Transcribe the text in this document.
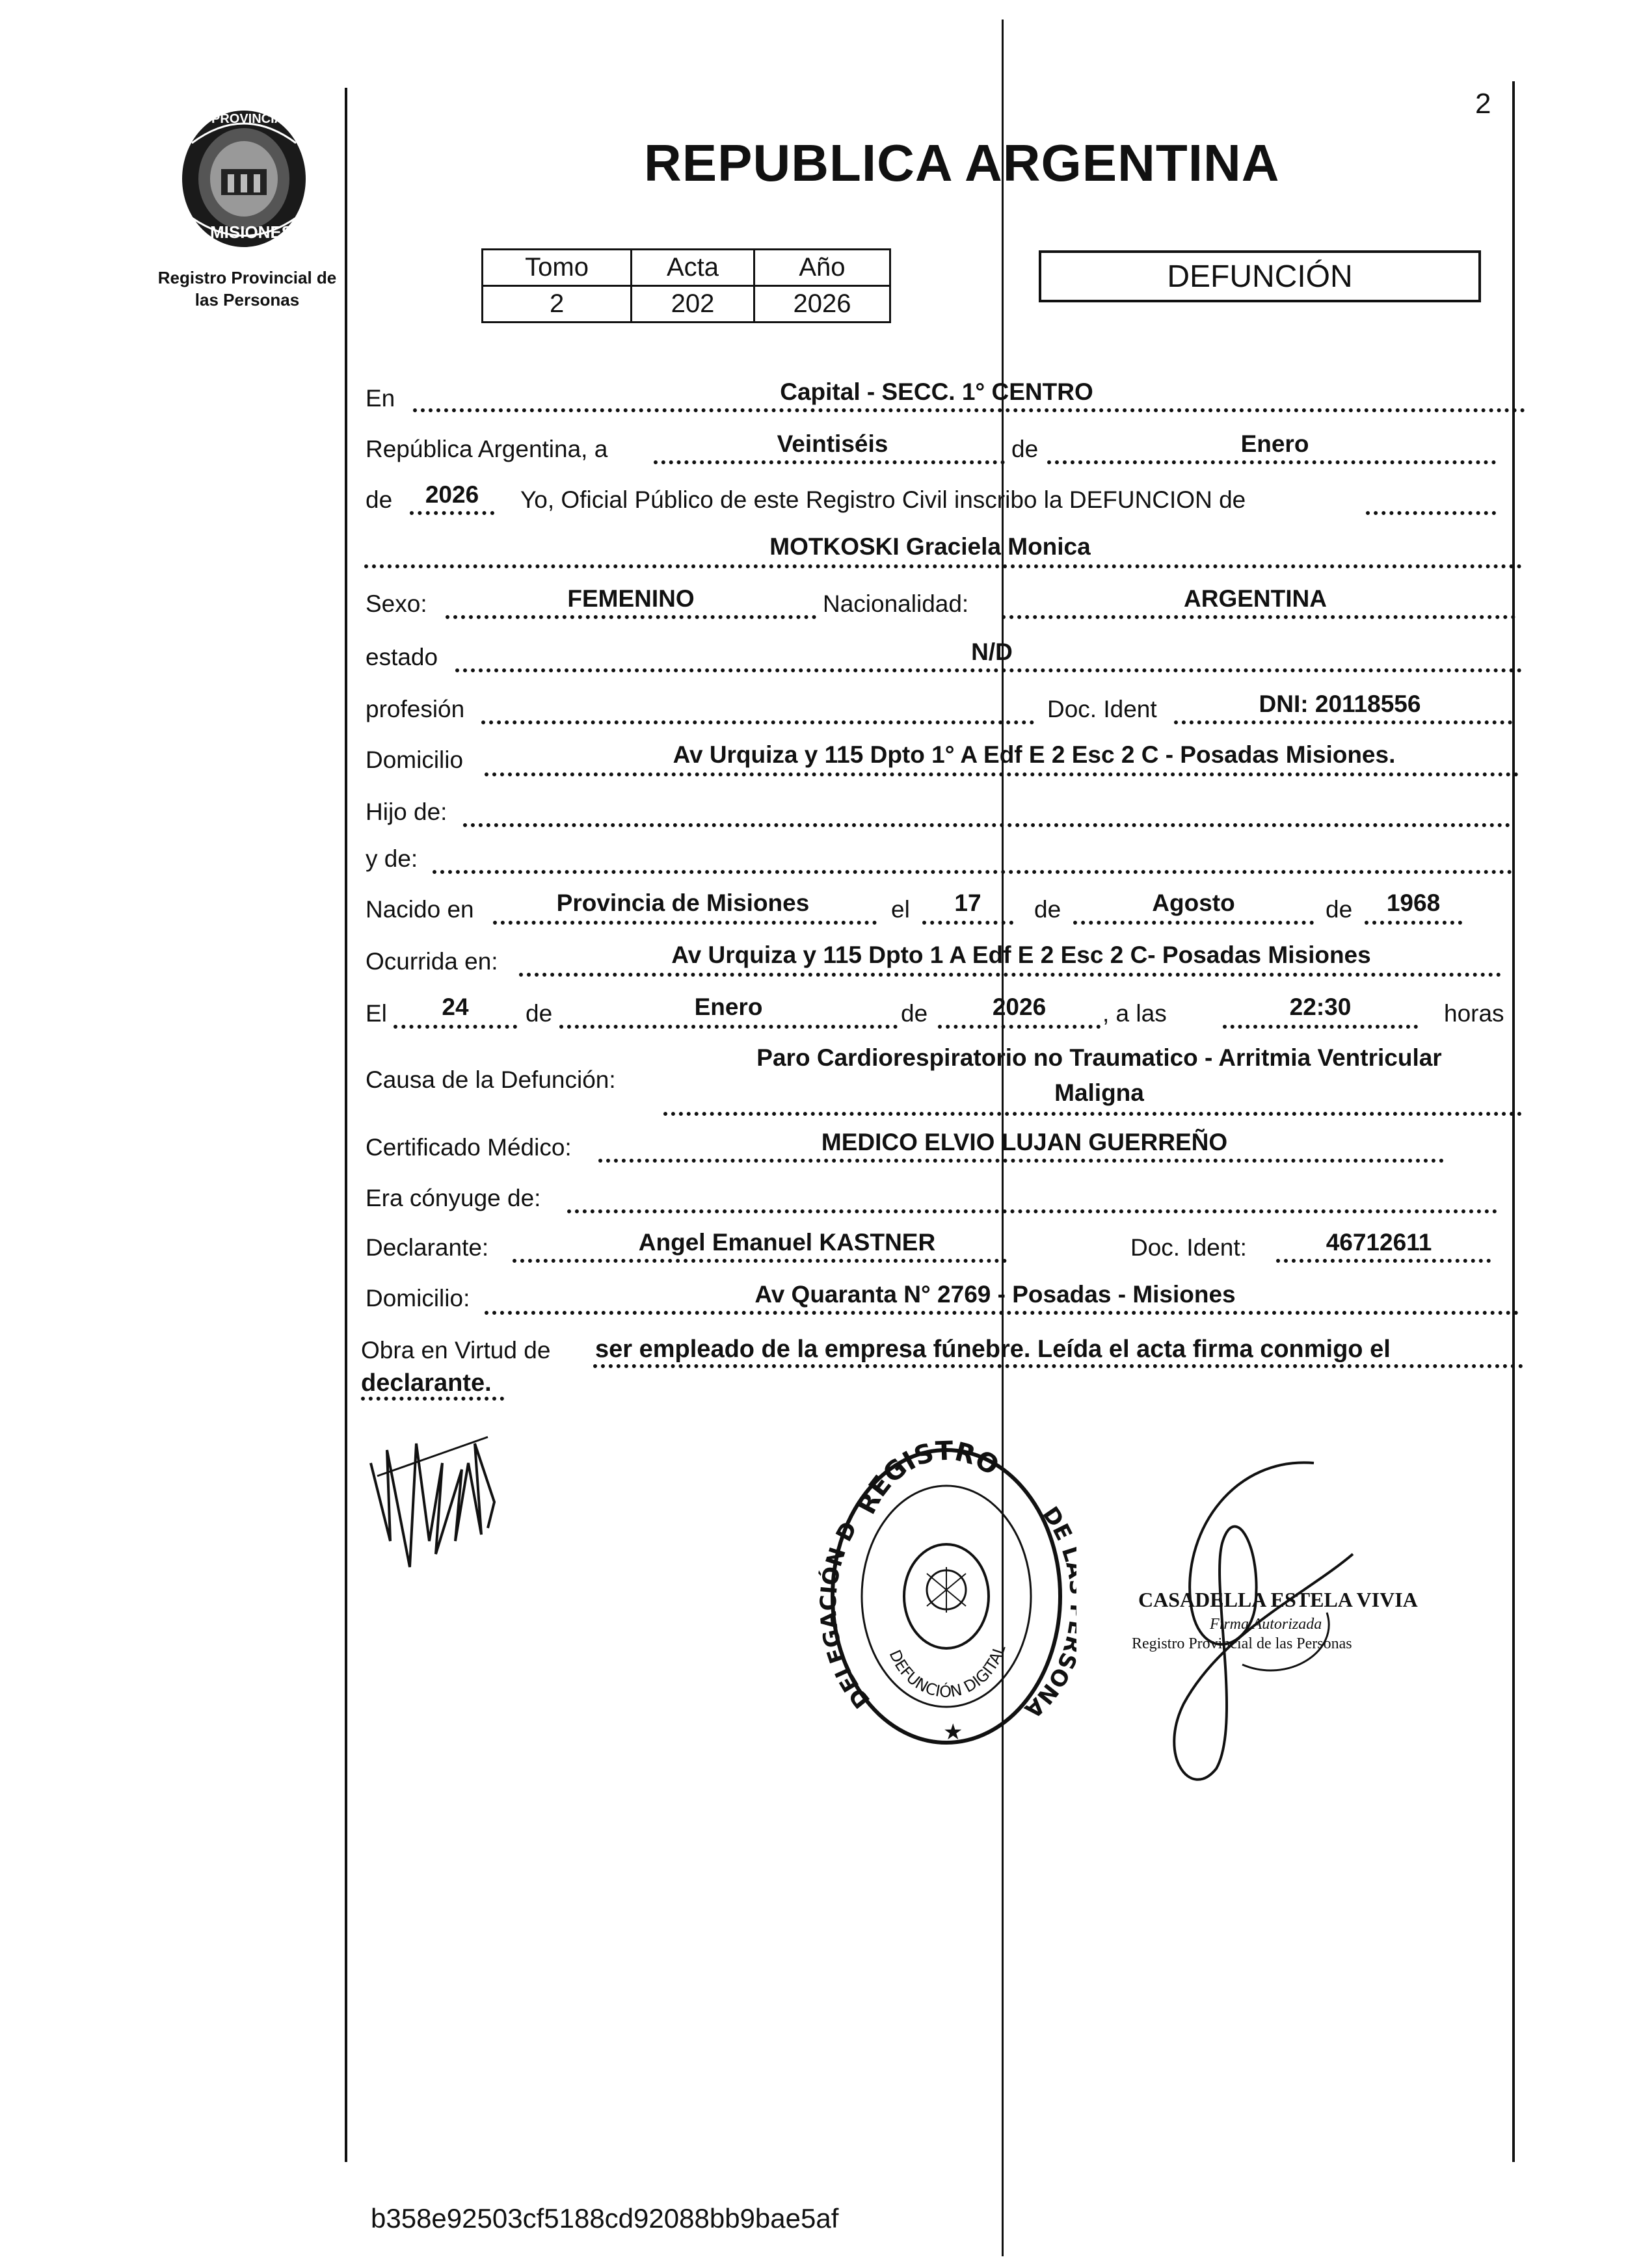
2
PROVINCIA DE
MISIONES
Registro Provincial de
las Personas
REPUBLICA ARGENTINA
Tomo	Acta	Año
2	202	2026
DEFUNCIÓN
En	Capital - SECC. 1° CENTRO
República Argentina, a	Veintiséis	de	Enero
de	2026	Yo, Oficial Público de este Registro Civil inscribo la DEFUNCION de
MOTKOSKI Graciela Monica
Sexo:	FEMENINO	Nacionalidad:	ARGENTINA
estado	N/D
profesión	Doc. Ident	DNI: 20118556
Domicilio	Av Urquiza y 115 Dpto 1° A Edf E 2 Esc 2 C - Posadas Misiones.
Hijo de:
y de:
Nacido en	Provincia de Misiones	el	17	de	Agosto	de	1968
Ocurrida en:	Av Urquiza y 115 Dpto 1 A Edf E 2 Esc 2 C- Posadas Misiones
El	24	de	Enero	de	2026	, a las	22:30	horas
Causa de la Defunción:
Paro Cardiorespiratorio no Traumatico - Arritmia Ventricular
Maligna
Certificado Médico:	MEDICO ELVIO LUJAN GUERREÑO
Era cónyuge de:
Declarante:	Angel Emanuel KASTNER	Doc. Ident:	46712611
Domicilio:	Av Quaranta N° 2769 - Posadas - Misiones
Obra en Virtud de ser empleado de la empresa fúnebre. Leída el acta firma conmigo el
declarante.
★
REGISTRO
DELEGACIÓN D	DE ONA
DEFUNCIÓN DIGITAL
CASADELLA ESTELA VIVIA
Firma Autorizada
Registro Provincial de las Personas
b358e92503cf5188cd92088bb9bae5af
